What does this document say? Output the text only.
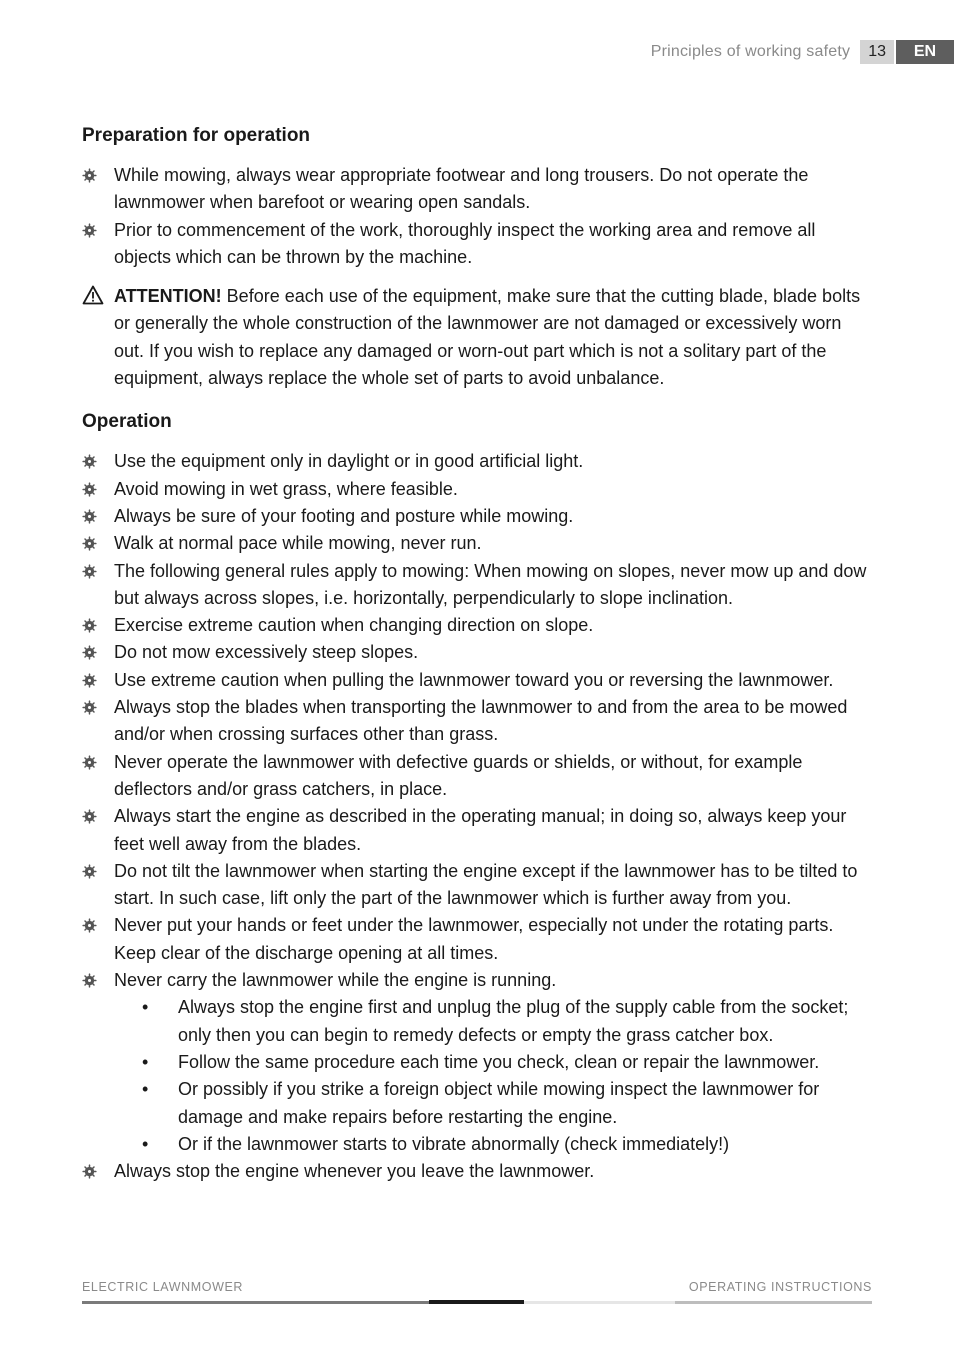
Principles of working safety	13	EN
Preparation for operation
While mowing, always wear appropriate footwear and long trousers. Do not operate the lawnmower when barefoot or wearing open sandals.
Prior to commencement of the work, thoroughly inspect the working area and remove all objects which can be thrown by the machine.
ATTENTION! Before each use of the equipment, make sure that the cutting blade, blade bolts or generally the whole construction of the lawnmower are not damaged or excessively worn out. If you wish to replace any damaged or worn-out part which is not a solitary part of the equipment, always replace the whole set of parts to avoid unbalance.
Operation
Use the equipment only in daylight or in good artificial light.
Avoid mowing in wet grass, where feasible.
Always be sure of your footing and posture while mowing.
Walk at normal pace while mowing, never run.
The following general rules apply to mowing: When mowing on slopes, never mow up and dow but always across slopes, i.e. horizontally, perpendicularly to slope inclination.
Exercise extreme caution when changing direction on slope.
Do not mow excessively steep slopes.
Use extreme caution when pulling the lawnmower toward you or reversing the lawnmower.
Always stop the blades when transporting the lawnmower to and from the area to be mowed and/or when crossing surfaces other than grass.
Never operate the lawnmower with defective guards or shields, or without, for example deflectors and/or grass catchers, in place.
Always start the engine as described in the operating manual; in doing so, always keep your feet well away from the blades.
Do not tilt the lawnmower when starting the engine except if the lawnmower has to be tilted to start. In such case, lift only the part of the lawnmower which is further away from you.
Never put your hands or feet under the lawnmower, especially not under the rotating parts. Keep clear of the discharge opening at all times.
Never carry the lawnmower while the engine is running.
• Always stop the engine first and unplug the plug of the supply cable from the socket; only then you can begin to remedy defects or empty the grass catcher box.
• Follow the same procedure each time you check, clean or repair the lawnmower.
• Or possibly if you strike a foreign object while mowing inspect the lawnmower for damage and make repairs before restarting the engine.
• Or if the lawnmower starts to vibrate abnormally (check immediately!)
Always stop the engine whenever you leave the lawnmower.
ELECTRIC LAWNMOWER	OPERATING INSTRUCTIONS
